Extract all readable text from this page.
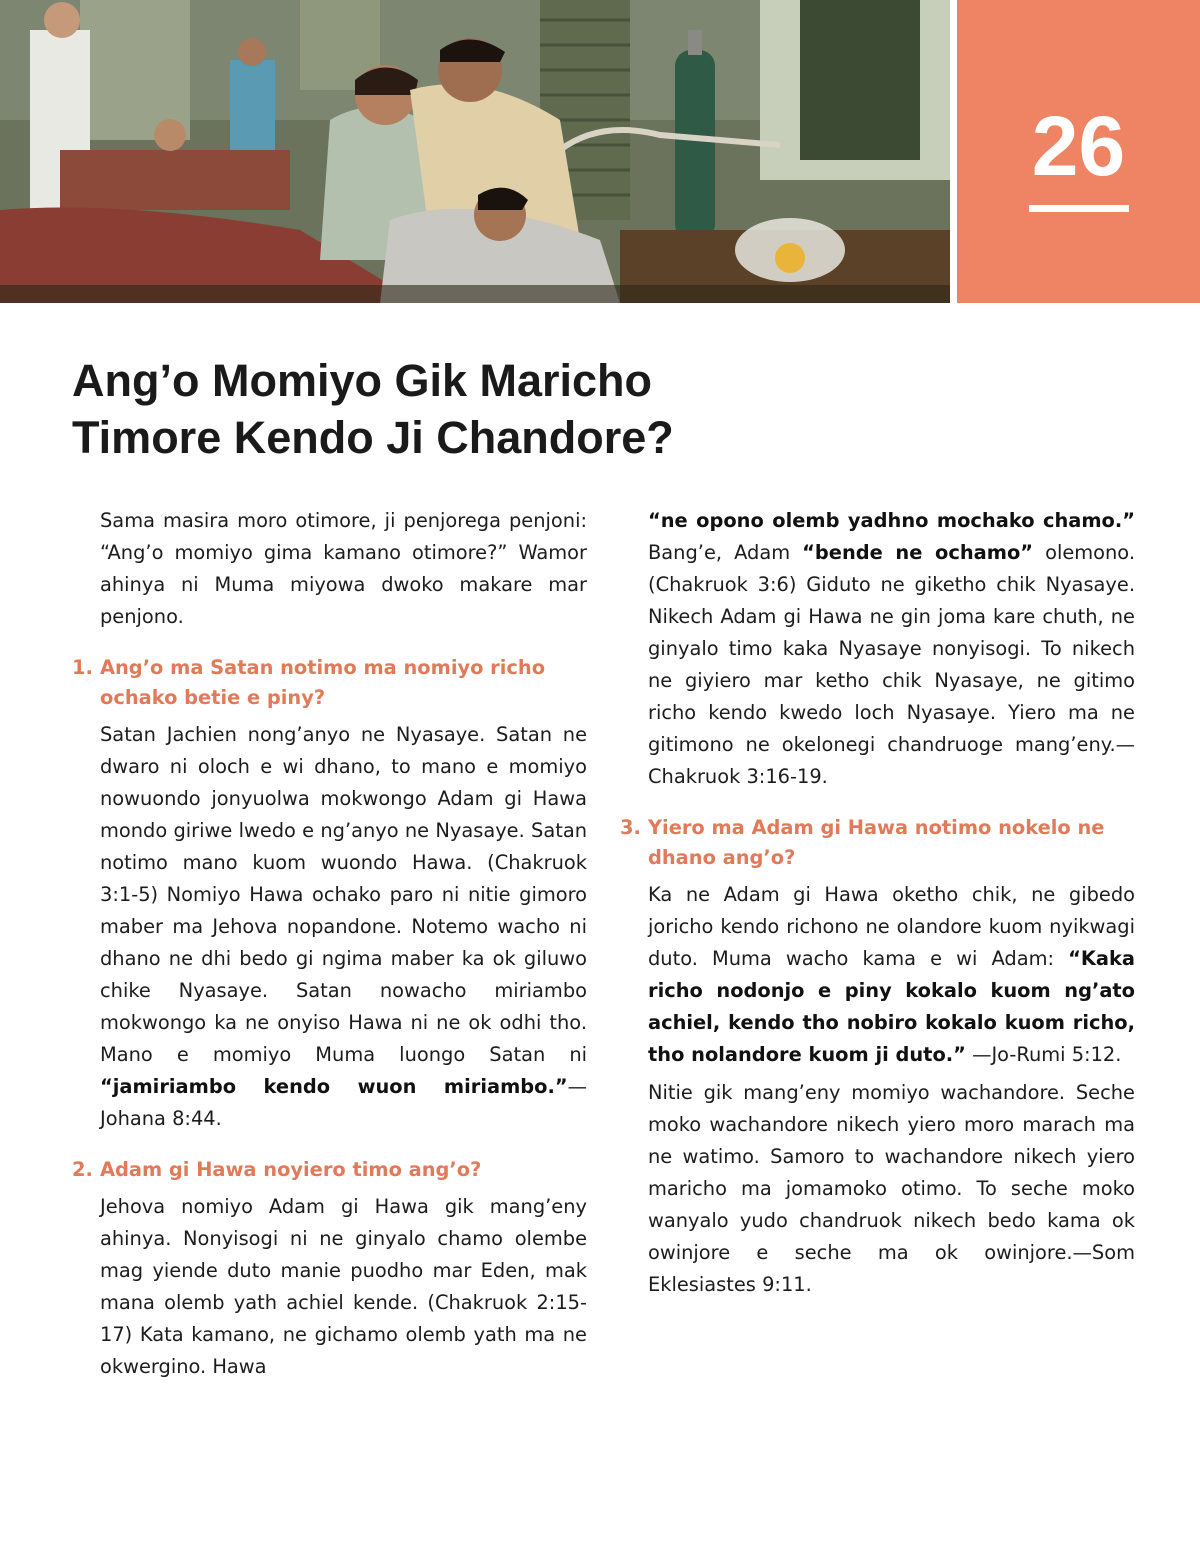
26
Ang’o Momiyo Gik Maricho
Timore Kendo Ji Chandore?

Sama masira moro otimore, ji penjorega penjoni: “Ang’o momiyo gima kamano otimore?” Wamor ahinya ni Muma miyowa dwoko makare mar penjono.

1. Ang’o ma Satan notimo ma nomiyo richo ochako betie e piny?

Satan Jachien nong’anyo ne Nyasaye. Satan ne dwaro ni oloch e wi dhano, to mano e momiyo nowuondo jonyuolwa mokwongo Adam gi Hawa mondo giriwe lwedo e ng’anyo ne Nyasaye. Satan notimo mano kuom wuondo Hawa. (Chakruok 3:1-5) Nomiyo Hawa ochako paro ni nitie gimoro maber ma Jehova nopandone. Notemo wacho ni dhano ne dhi bedo gi ngima maber ka ok giluwo chike Nyasaye. Satan nowacho miriambo mokwongo ka ne onyiso Hawa ni ne ok odhi tho. Mano e momiyo Muma luongo Satan ni “jamiriambo kendo wuon miriambo.”—Johana 8:44.

2. Adam gi Hawa noyiero timo ang’o?

Jehova nomiyo Adam gi Hawa gik mang’eny ahinya. Nonyisogi ni ne ginyalo chamo olembe mag yiende duto manie puodho mar Eden, mak mana olemb yath achiel kende. (Chakruok 2:15-17) Kata kamano, ne gichamo olemb yath ma ne okwergino. Hawa

“ne opono olemb yadhno mochako chamo.” Bang’e, Adam “bende ne ochamo” olemono. (Chakruok 3:6) Giduto ne giketho chik Nyasaye. Nikech Adam gi Hawa ne gin joma kare chuth, ne ginyalo timo kaka Nyasaye nonyisogi. To nikech ne giyiero mar ketho chik Nyasaye, ne gitimo richo kendo kwedo loch Nyasaye. Yiero ma ne gitimono ne okelonegi chandruoge mang’eny.—Chakruok 3:16-19.

3. Yiero ma Adam gi Hawa notimo nokelo ne dhano ang’o?

Ka ne Adam gi Hawa oketho chik, ne gibedo joricho kendo richono ne olandore kuom nyikwagi duto. Muma wacho kama e wi Adam: “Kaka richo nodonjo e piny kokalo kuom ng’ato achiel, kendo tho nobiro kokalo kuom richo, tho nolandore kuom ji duto.” —Jo-Rumi 5:12.

Nitie gik mang’eny momiyo wachandore. Seche moko wachandore nikech yiero moro marach ma ne watimo. Samoro to wachandore nikech yiero maricho ma jomamoko otimo. To seche moko wanyalo yudo chandruok nikech bedo kama ok owinjore e seche ma ok owinjore.—Som Eklesiastes 9:11.
